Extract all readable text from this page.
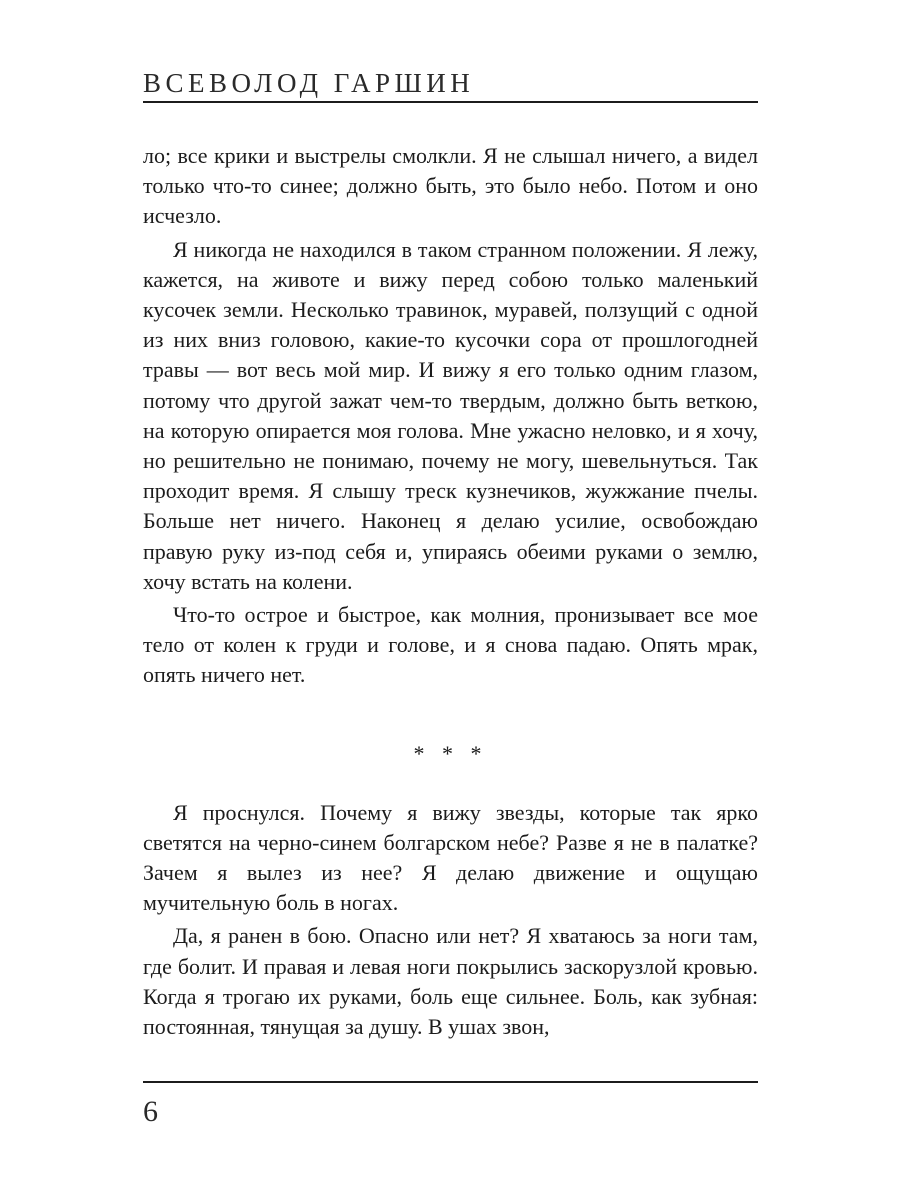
ВСЕВОЛОД ГАРШИН

ло; все крики и выстрелы смолкли. Я не слышал ничего, а видел только что-то синее; должно быть, это было небо. Потом и оно исчезло.

Я никогда не находился в таком странном положении. Я лежу, кажется, на животе и вижу перед собою только маленький кусочек земли. Несколько травинок, муравей, ползущий с одной из них вниз головою, какие-то кусочки сора от прошлогодней травы — вот весь мой мир. И вижу я его только одним глазом, потому что другой зажат чем-то твердым, должно быть веткою, на которую опирается моя голова. Мне ужасно неловко, и я хочу, но решительно не понимаю, почему не могу, шевельнуться. Так проходит время. Я слышу треск кузнечиков, жужжание пчелы. Больше нет ничего. Наконец я делаю усилие, освобождаю правую руку из-под себя и, упираясь обеими руками о землю, хочу встать на колени.

Что-то острое и быстрое, как молния, пронизывает все мое тело от колен к груди и голове, и я снова падаю. Опять мрак, опять ничего нет.

* * *

Я проснулся. Почему я вижу звезды, которые так ярко светятся на черно-синем болгарском небе? Разве я не в палатке? Зачем я вылез из нее? Я делаю движение и ощущаю мучительную боль в ногах.

Да, я ранен в бою. Опасно или нет? Я хватаюсь за ноги там, где болит. И правая и левая ноги покрылись заскорузлой кровью. Когда я трогаю их руками, боль еще сильнее. Боль, как зубная: постоянная, тянущая за душу. В ушах звон,

6
